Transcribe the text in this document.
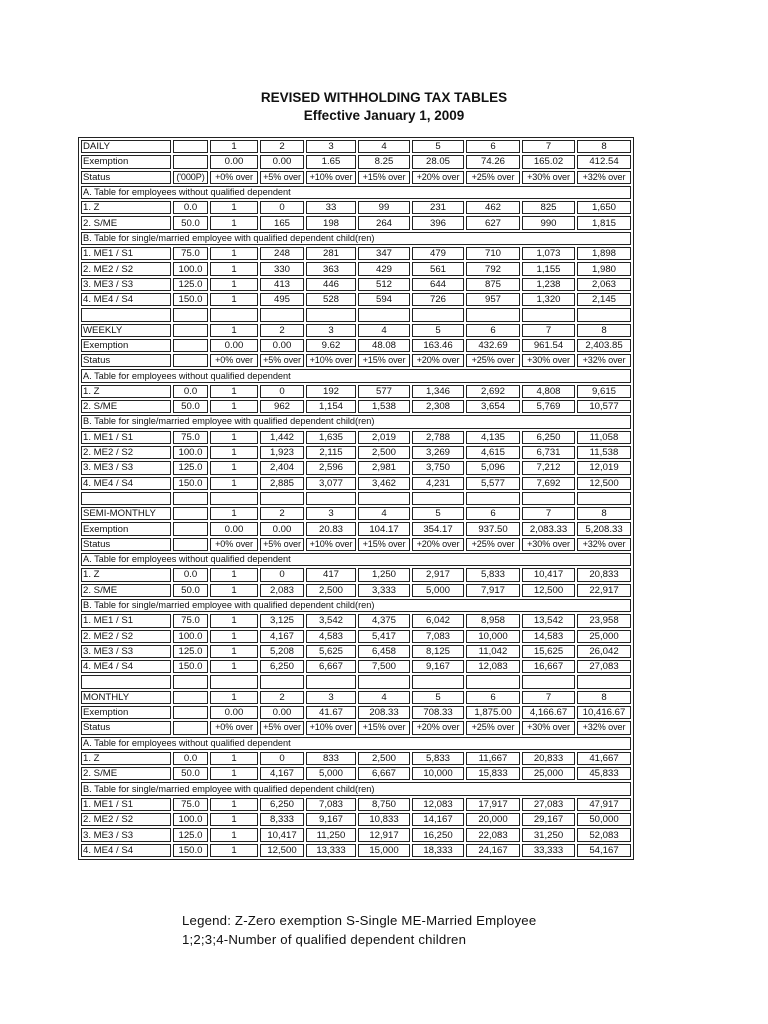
REVISED WITHHOLDING TAX TABLES
Effective January 1, 2009
DAILY		1	2	3	4	5	6	7	8
Exemption		0.00	0.00	1.65	8.25	28.05	74.26	165.02	412.54
Status	('000P)	+0% over	+5% over	+10% over	+15% over	+20% over	+25% over	+30% over	+32% over
A. Table for employees without qualified dependent									
1. Z	0.0	1	0	33	99	231	462	825	1,650
2. S/ME	50.0	1	165	198	264	396	627	990	1,815
B. Table for single/married employee with qualified dependent child(ren)									
1. ME1 / S1	75.0	1	248	281	347	479	710	1,073	1,898
2. ME2 / S2	100.0	1	330	363	429	561	792	1,155	1,980
3. ME3 / S3	125.0	1	413	446	512	644	875	1,238	2,063
4. ME4 / S4	150.0	1	495	528	594	726	957	1,320	2,145

WEEKLY		1	2	3	4	5	6	7	8
Exemption		0.00	0.00	9.62	48.08	163.46	432.69	961.54	2,403.85
Status		+0% over	+5% over	+10% over	+15% over	+20% over	+25% over	+30% over	+32% over
A. Table for employees without qualified dependent									
1. Z	0.0	1	0	192	577	1,346	2,692	4,808	9,615
2. S/ME	50.0	1	962	1,154	1,538	2,308	3,654	5,769	10,577
B. Table for single/married employee with qualified dependent child(ren)									
1. ME1 / S1	75.0	1	1,442	1,635	2,019	2,788	4,135	6,250	11,058
2. ME2 / S2	100.0	1	1,923	2,115	2,500	3,269	4,615	6,731	11,538
3. ME3 / S3	125.0	1	2,404	2,596	2,981	3,750	5,096	7,212	12,019
4. ME4 / S4	150.0	1	2,885	3,077	3,462	4,231	5,577	7,692	12,500

SEMI-MONTHLY		1	2	3	4	5	6	7	8
Exemption		0.00	0.00	20.83	104.17	354.17	937.50	2,083.33	5,208.33
Status		+0% over	+5% over	+10% over	+15% over	+20% over	+25% over	+30% over	+32% over
A. Table for employees without qualified dependent									
1. Z	0.0	1	0	417	1,250	2,917	5,833	10,417	20,833
2. S/ME	50.0	1	2,083	2,500	3,333	5,000	7,917	12,500	22,917
B. Table for single/married employee with qualified dependent child(ren)									
1. ME1 / S1	75.0	1	3,125	3,542	4,375	6,042	8,958	13,542	23,958
2. ME2 / S2	100.0	1	4,167	4,583	5,417	7,083	10,000	14,583	25,000
3. ME3 / S3	125.0	1	5,208	5,625	6,458	8,125	11,042	15,625	26,042
4. ME4 / S4	150.0	1	6,250	6,667	7,500	9,167	12,083	16,667	27,083

MONTHLY		1	2	3	4	5	6	7	8
Exemption		0.00	0.00	41.67	208.33	708.33	1,875.00	4,166.67	10,416.67
Status		+0% over	+5% over	+10% over	+15% over	+20% over	+25% over	+30% over	+32% over
A. Table for employees without qualified dependent									
1. Z	0.0	1	0	833	2,500	5,833	11,667	20,833	41,667
2. S/ME	50.0	1	4,167	5,000	6,667	10,000	15,833	25,000	45,833
B. Table for single/married employee with qualified dependent child(ren)									
1. ME1 / S1	75.0	1	6,250	7,083	8,750	12,083	17,917	27,083	47,917
2. ME2 / S2	100.0	1	8,333	9,167	10,833	14,167	20,000	29,167	50,000
3. ME3 / S3	125.0	1	10,417	11,250	12,917	16,250	22,083	31,250	52,083
4. ME4 / S4	150.0	1	12,500	13,333	15,000	18,333	24,167	33,333	54,167
Legend: Z-Zero exemption S-Single ME-Married Employee
1;2;3;4-Number of qualified dependent children
